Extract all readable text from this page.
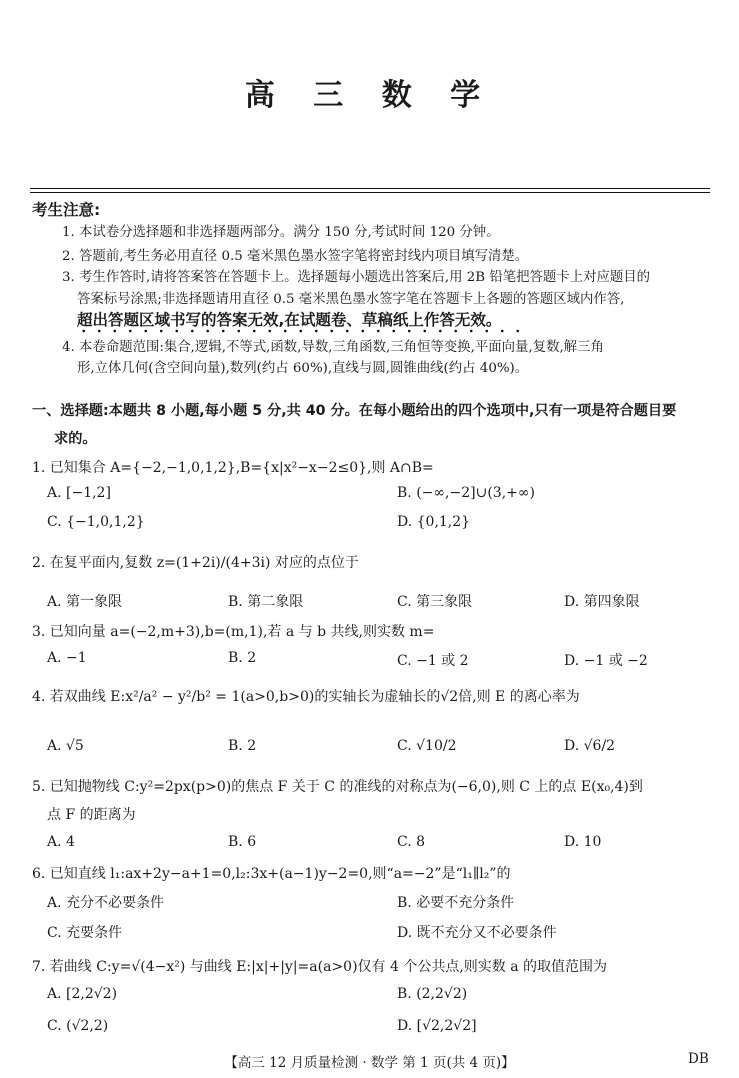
高 三 数 学
考生注意:
1. 本试卷分选择题和非选择题两部分。满分 150 分,考试时间 120 分钟。
2. 答题前,考生务必用直径 0.5 毫米黑色墨水签字笔将密封线内项目填写清楚。
3. 考生作答时,请将答案答在答题卡上。选择题每小题选出答案后,用 2B 铅笔把答题卡上对应题目的
答案标号涂黑;非选择题请用直径 0.5 毫米黑色墨水签字笔在答题卡上各题的答题区域内作答,
超出答题区域书写的答案无效,在试题卷、草稿纸上作答无效。
4. 本卷命题范围:集合,逻辑,不等式,函数,导数,三角函数,三角恒等变换,平面向量,复数,解三角
形,立体几何(含空间向量),数列(约占 60%),直线与圆,圆锥曲线(约占 40%)。
一、选择题:本题共 8 小题,每小题 5 分,共 40 分。在每小题给出的四个选项中,只有一项是符合题目要
求的。
1. 已知集合 A={−2,−1,0,1,2},B={x|x²−x−2≤0},则 A∩B=
A. [−1,2]	B. (−∞,−2]∪(3,+∞)
C. {−1,0,1,2}	D. {0,1,2}
2. 在复平面内,复数 z=(1+2i)/(4+3i) 对应的点位于
A. 第一象限	B. 第二象限	C. 第三象限	D. 第四象限
3. 已知向量 a=(−2,m+3),b=(m,1),若 a 与 b 共线,则实数 m=
A. −1	B. 2	C. −1 或 2	D. −1 或 −2
4. 若双曲线 E:x²/a² − y²/b² = 1(a>0,b>0)的实轴长为虚轴长的√2倍,则 E 的离心率为
A. √5	B. 2	C. √10/2	D. √6/2
5. 已知抛物线 C:y²=2px(p>0)的焦点 F 关于 C 的准线的对称点为(−6,0),则 C 上的点 E(x₀,4)到
点 F 的距离为
A. 4	B. 6	C. 8	D. 10
6. 已知直线 l₁:ax+2y−a+1=0,l₂:3x+(a−1)y−2=0,则“a=−2”是“l₁∥l₂”的
A. 充分不必要条件	B. 必要不充分条件
C. 充要条件	D. 既不充分又不必要条件
7. 若曲线 C:y=√(4−x²) 与曲线 E:|x|+|y|=a(a>0)仅有 4 个公共点,则实数 a 的取值范围为
A. [2,2√2)	B. (2,2√2)
C. (√2,2)	D. [√2,2√2]
【高三 12 月质量检测 · 数学 第 1 页(共 4 页)】	DB
